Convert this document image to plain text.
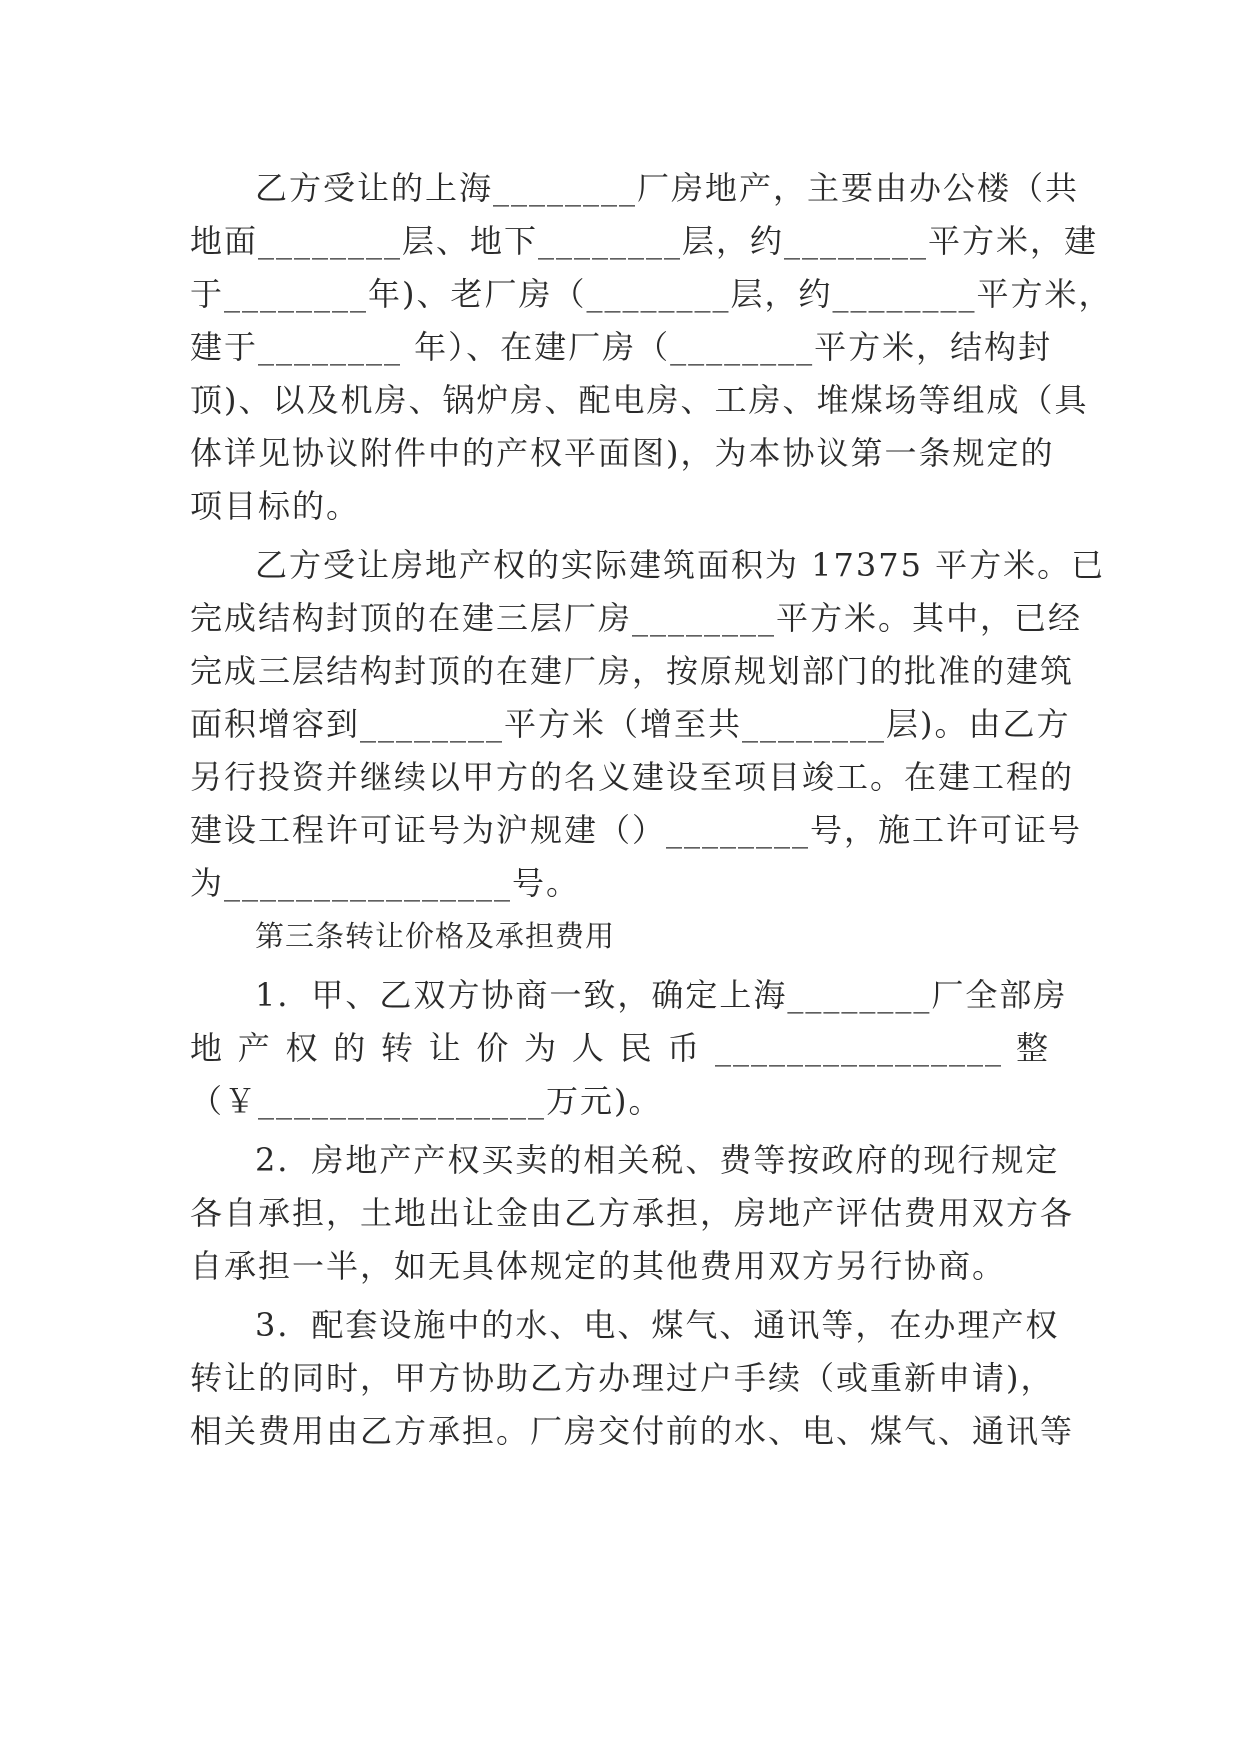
乙方受让的上海________厂房地产，主要由办公楼（共
地面________层、地下________层，约________平方米，建
于________年)、老厂房（________层，约________平方米，
建于________ 年）、在建厂房（________平方米，结构封
顶)、以及机房、锅炉房、配电房、工房、堆煤场等组成（具
体详见协议附件中的产权平面图)，为本协议第一条规定的
项目标的。
乙方受让房地产权的实际建筑面积为 17375 平方米。已
完成结构封顶的在建三层厂房________平方米。其中，已经
完成三层结构封顶的在建厂房，按原规划部门的批准的建筑
面积增容到________平方米（增至共________层)。由乙方
另行投资并继续以甲方的名义建设至项目竣工。在建工程的
建设工程许可证号为沪规建（）________号，施工许可证号
为________________号。
第三条转让价格及承担费用
1．甲、乙双方协商一致，确定上海________厂全部房
地 产 权 的 转 让 价 为 人 民 币 ________________ 整
（￥________________万元)。
2．房地产产权买卖的相关税、费等按政府的现行规定
各自承担，土地出让金由乙方承担，房地产评估费用双方各
自承担一半，如无具体规定的其他费用双方另行协商。
3．配套设施中的水、电、煤气、通讯等，在办理产权
转让的同时，甲方协助乙方办理过户手续（或重新申请)，
相关费用由乙方承担。厂房交付前的水、电、煤气、通讯等
